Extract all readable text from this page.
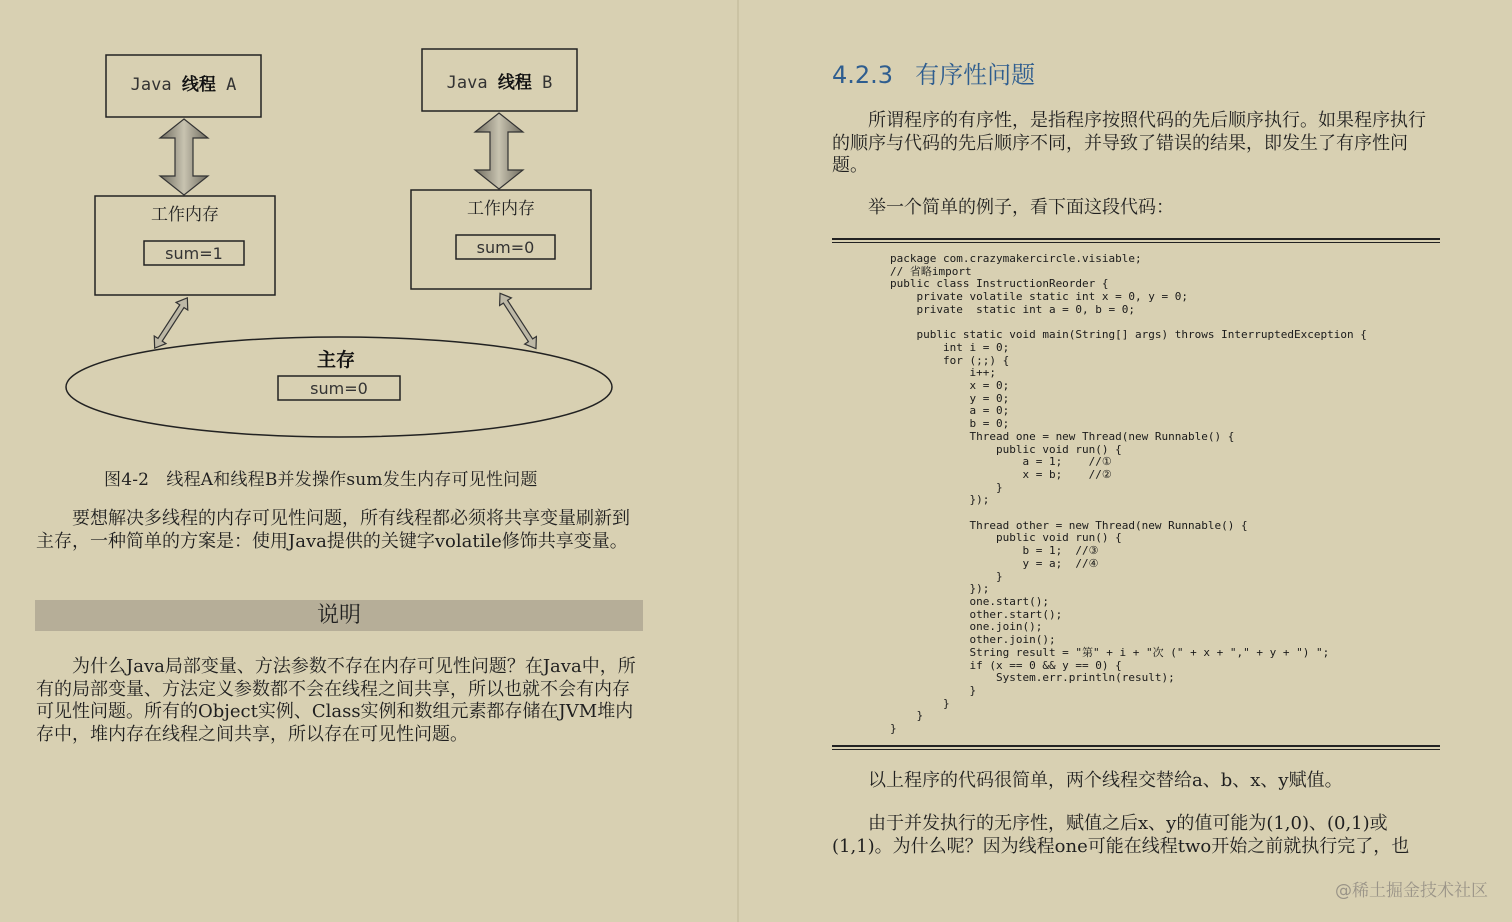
Java 线程 A	Java 线程 B
工作内存
sum=1
工作内存
sum=0
主存
sum=0
图4-2　线程A和线程B并发操作sum发生内存可见性问题

　　要想解决多线程的内存可见性问题，所有线程都必须将共享变量刷新到主存，一种简单的方案是：使用Java提供的关键字volatile修饰共享变量。

说明

　　为什么Java局部变量、方法参数不存在内存可见性问题？在Java中，所有的局部变量、方法定义参数都不会在线程之间共享，所以也就不会有内存可见性问题。所有的Object实例、Class实例和数组元素都存储在JVM堆内存中，堆内存在线程之间共享，所以存在可见性问题。

4.2.3 有序性问题

　　所谓程序的有序性，是指程序按照代码的先后顺序执行。如果程序执行的顺序与代码的先后顺序不同，并导致了错误的结果，即发生了有序性问题。

　　举一个简单的例子，看下面这段代码：

package com.crazymakercircle.visiable;
// 省略import
public class InstructionReorder {
private volatile static int x = 0, y = 0;
private  static int a = 0, b = 0;

public static void main(String[] args) throws InterruptedException {
int i = 0;
for (;;) {
i++;
x = 0;
y = 0;
a = 0;
b = 0;
Thread one = new Thread(new Runnable() {
public void run() {
a = 1;    //①
x = b;    //②
}
});

Thread other = new Thread(new Runnable() {
public void run() {
b = 1;  //③
y = a;  //④
}
});
one.start();
other.start();
one.join();
other.join();
String result = "第" + i + "次 (" + x + "," + y + ") ";
if (x == 0 && y == 0) {
System.err.println(result);
}
}
}
}

　　以上程序的代码很简单，两个线程交替给a、b、x、y赋值。

　　由于并发执行的无序性，赋值之后x、y的值可能为(1,0)、(0,1)或(1,1)。为什么呢？因为线程one可能在线程two开始之前就执行完了，也

@稀土掘金技术社区
